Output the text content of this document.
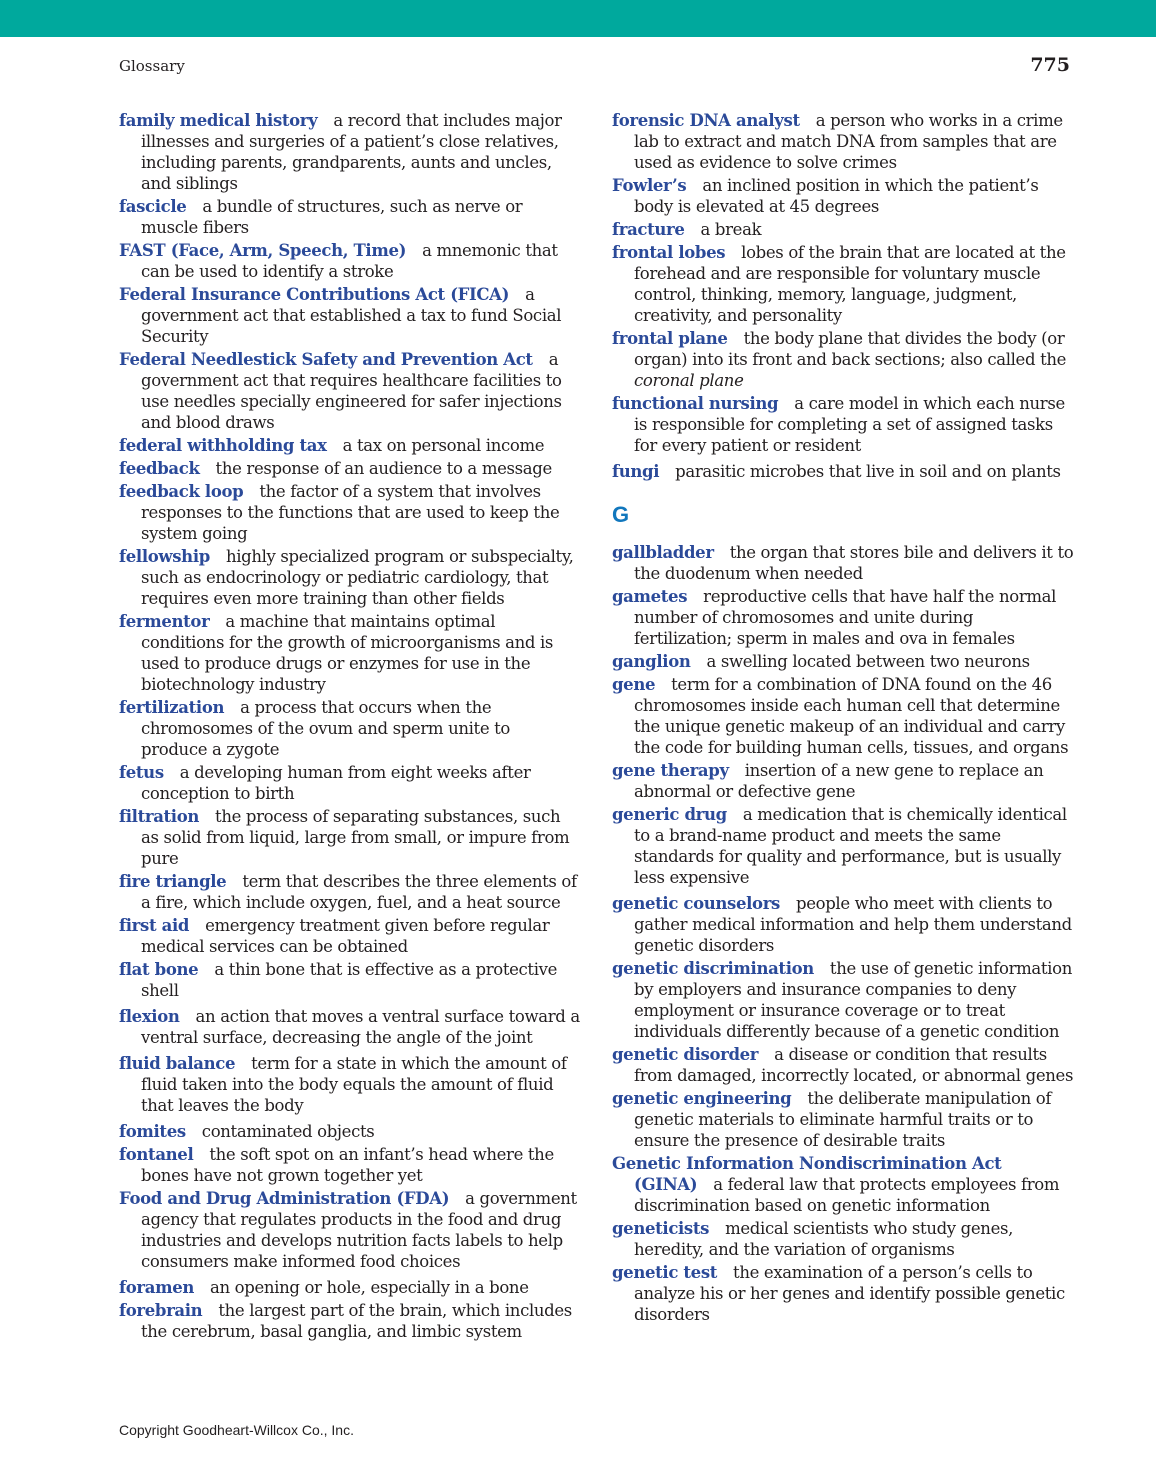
Glossary	775
family medical history a record that includes major illnesses and surgeries of a patient’s close relatives, including parents, grandparents, aunts and uncles, and siblings
fascicle a bundle of structures, such as nerve or muscle fibers
FAST (Face, Arm, Speech, Time) a mnemonic that can be used to identify a stroke
Federal Insurance Contributions Act (FICA) a government act that established a tax to fund Social Security
Federal Needlestick Safety and Prevention Act a government act that requires healthcare facilities to use needles specially engineered for safer injections and blood draws
federal withholding tax a tax on personal income
feedback the response of an audience to a message
feedback loop the factor of a system that involves responses to the functions that are used to keep the system going
fellowship highly specialized program or subspecialty, such as endocrinology or pediatric cardiology, that requires even more training than other fields
fermentor a machine that maintains optimal conditions for the growth of microorganisms and is used to produce drugs or enzymes for use in the biotechnology industry
fertilization a process that occurs when the chromosomes of the ovum and sperm unite to produce a zygote
fetus a developing human from eight weeks after conception to birth
filtration the process of separating substances, such as solid from liquid, large from small, or impure from pure
fire triangle term that describes the three elements of a fire, which include oxygen, fuel, and a heat source
first aid emergency treatment given before regular medical services can be obtained
flat bone a thin bone that is effective as a protective shell
flexion an action that moves a ventral surface toward a ventral surface, decreasing the angle of the joint
fluid balance term for a state in which the amount of fluid taken into the body equals the amount of fluid that leaves the body
fomites contaminated objects
fontanel the soft spot on an infant’s head where the bones have not grown together yet
Food and Drug Administration (FDA) a government agency that regulates products in the food and drug industries and develops nutrition facts labels to help consumers make informed food choices
foramen an opening or hole, especially in a bone
forebrain the largest part of the brain, which includes the cerebrum, basal ganglia, and limbic system
forensic DNA analyst a person who works in a crime lab to extract and match DNA from samples that are used as evidence to solve crimes
Fowler’s an inclined position in which the patient’s body is elevated at 45 degrees
fracture a break
frontal lobes lobes of the brain that are located at the forehead and are responsible for voluntary muscle control, thinking, memory, language, judgment, creativity, and personality
frontal plane the body plane that divides the body (or organ) into its front and back sections; also called the coronal plane
functional nursing a care model in which each nurse is responsible for completing a set of assigned tasks for every patient or resident
fungi parasitic microbes that live in soil and on plants
G
gallbladder the organ that stores bile and delivers it to the duodenum when needed
gametes reproductive cells that have half the normal number of chromosomes and unite during fertilization; sperm in males and ova in females
ganglion a swelling located between two neurons
gene term for a combination of DNA found on the 46 chromosomes inside each human cell that determine the unique genetic makeup of an individual and carry the code for building human cells, tissues, and organs
gene therapy insertion of a new gene to replace an abnormal or defective gene
generic drug a medication that is chemically identical to a brand-name product and meets the same standards for quality and performance, but is usually less expensive
genetic counselors people who meet with clients to gather medical information and help them understand genetic disorders
genetic discrimination the use of genetic information by employers and insurance companies to deny employment or insurance coverage or to treat individuals differently because of a genetic condition
genetic disorder a disease or condition that results from damaged, incorrectly located, or abnormal genes
genetic engineering the deliberate manipulation of genetic materials to eliminate harmful traits or to ensure the presence of desirable traits
Genetic Information Nondiscrimination Act (GINA) a federal law that protects employees from discrimination based on genetic information
geneticists medical scientists who study genes, heredity, and the variation of organisms
genetic test the examination of a person’s cells to analyze his or her genes and identify possible genetic disorders
Copyright Goodheart-Willcox Co., Inc.
